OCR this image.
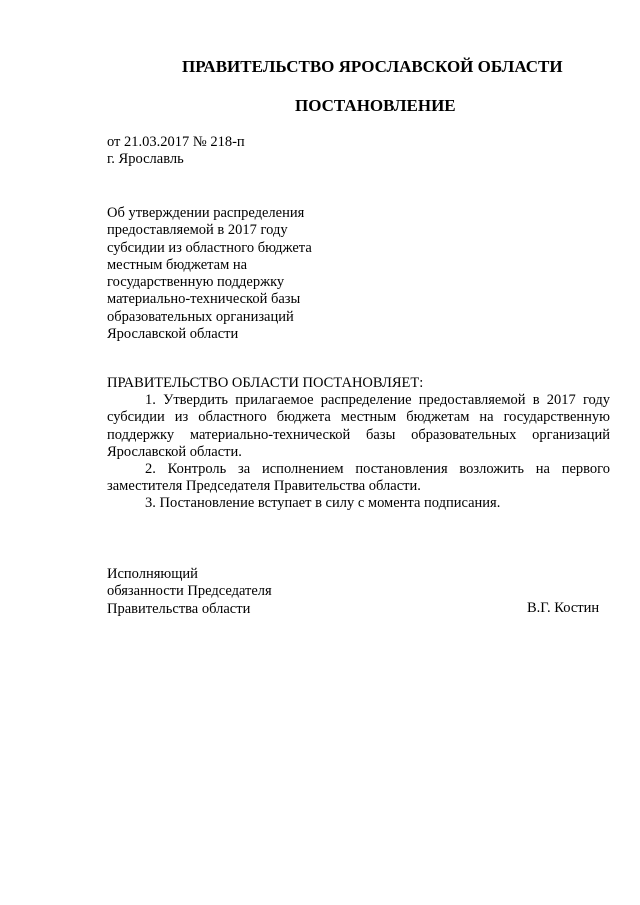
ПРАВИТЕЛЬСТВО ЯРОСЛАВСКОЙ ОБЛАСТИ
ПОСТАНОВЛЕНИЕ
от 21.03.2017 № 218-п
г. Ярославль
Об утверждении распределения
предоставляемой в 2017 году
субсидии из областного бюджета
местным бюджетам на
государственную поддержку
материально-технической базы
образовательных организаций
Ярославской области

ПРАВИТЕЛЬСТВО ОБЛАСТИ ПОСТАНОВЛЯЕТ:

1. Утвердить прилагаемое распределение предоставляемой в 2017 году субсидии из областного бюджета местным бюджетам на государственную поддержку материально-технической базы образовательных организаций Ярославской области.

2. Контроль за исполнением постановления возложить на первого заместителя Председателя Правительства области.

3. Постановление вступает в силу с момента подписания.

Исполняющий
обязанности Председателя
Правительства области	В.Г. Костин
